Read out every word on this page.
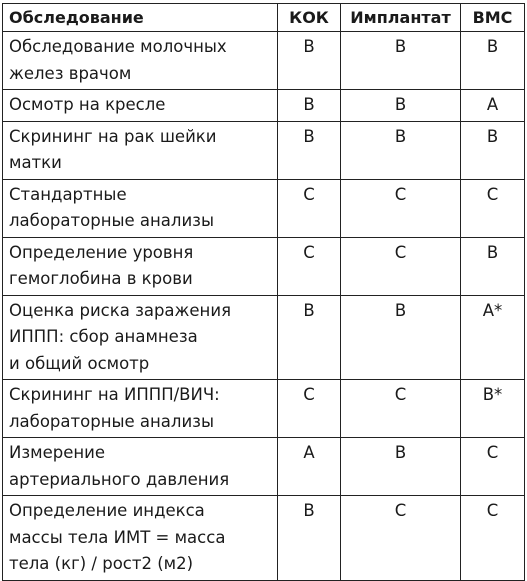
Обследование	КОК	Имплантат	ВМС

Обследование молочных
желез врачом	B	B	B

Осмотр на кресле	B	B	A

Скрининг на рак шейки
матки	B	B	B

Стандартные
лабораторные анализы	C	C	C

Определение уровня
гемоглобина в крови	C	C	B

Оценка риска заражения
ИППП: сбор анамнеза
и общий осмотр	B	B	A*

Скрининг на ИППП/ВИЧ:
лабораторные анализы	C	C	B*

Измерение
артериального давления	A	B	C

Определение индекса
массы тела ИМТ = масса
тела (кг) / рост2 (м2)	B	C	C
